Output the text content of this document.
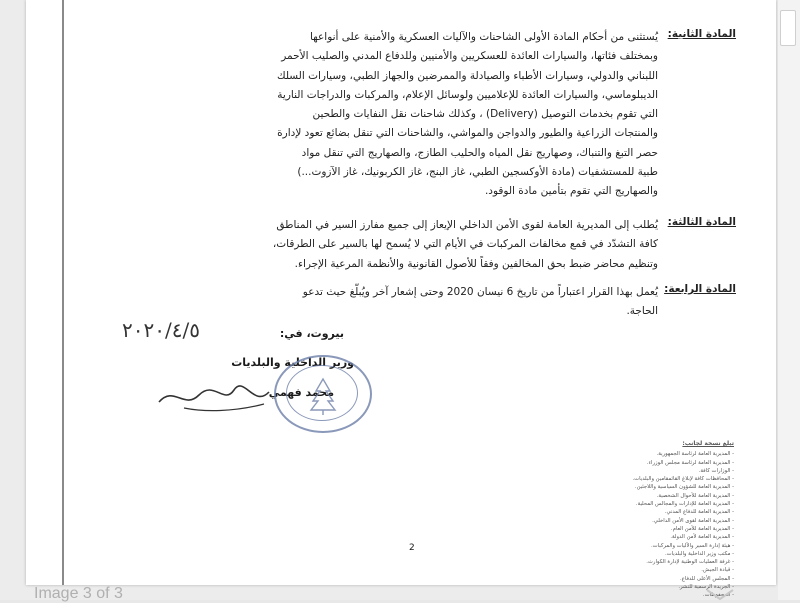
المادة الثانية:
يُستثنى من أحكام المادة الأولى الشاحنات والآليات العسكرية والأمنية على أنواعها
وبمختلف فئاتها، والسيارات العائدة للعسكريين والأمنيين وللدفاع المدني والصليب الأحمر
اللبناني والدولي، وسيارات الأطباء والصيادلة والممرضين والجهاز الطبي، وسيارات السلك
الديبلوماسي، والسيارات العائدة للإعلاميين ولوسائل الإعلام، والمركبات والدراجات النارية
التي تقوم بخدمات التوصيل (Delivery) ، وكذلك شاحنات نقل النفايات والطحين
والمنتجات الزراعية والطيور والدواجن والمواشي، والشاحنات التي تنقل بضائع تعود لإدارة
حصر التبغ والتنباك، وصهاريج نقل المياه والحليب الطازج، والصهاريج التي تنقل مواد
طبية للمستشفيات (مادة الأوكسجين الطبي، غاز البنج، غاز الكربونيك، غاز الآزوت...)
والصهاريج التي تقوم بتأمين مادة الوقود.
المادة الثالثة:
يُطلب إلى المديرية العامة لقوى الأمن الداخلي الإيعاز إلى جميع مفارز السير في المناطق
كافة التشدّد في قمع مخالفات المركبات في الأيام التي لا يُسمح لها بالسير على الطرقات،
وتنظيم محاضر ضبط بحق المخالفين وفقاً للأصول القانونية والأنظمة المرعية الإجراء.
المادة الرابعة:
يُعمل بهذا القرار اعتباراً من تاريخ 6 نيسان 2020 وحتى إشعار آخر ويُبلّغ حيث تدعو
الحاجة.
بيروت، في:
٢٠٢٠/٤/٥
وزير الداخلية والبلديات
محمد فهمي
تبلغ نسخة لجانب:
- المديرية العامة لرئاسة الجمهورية.
- المديرية العامة لرئاسة مجلس الوزراء.
- الوزارات كافة.
- المحافظات كافة لإبلاغ القائمقامين والبلديات.
- المديرية العامة للشؤون السياسية واللاجئين.
- المديرية العامة للأحوال الشخصية.
- المديرية العامة للإدارات والمجالس المحلية.
- المديرية العامة للدفاع المدني.
- المديرية العامة لقوى الأمن الداخلي.
- المديرية العامة للأمن العام.
- المديرية العامة لأمن الدولة.
- هيئة إدارة السير والآليات والمركبات.
- مكتب وزير الداخلية والبلديات.
- غرفة العمليات الوطنية لإدارة الكوارث.
- قيادة الجيش.
- المجلس الأعلى للدفاع.
- الجريدة الرسمية للنشر.
- المحفوظات.
2
Image 3 of 3
